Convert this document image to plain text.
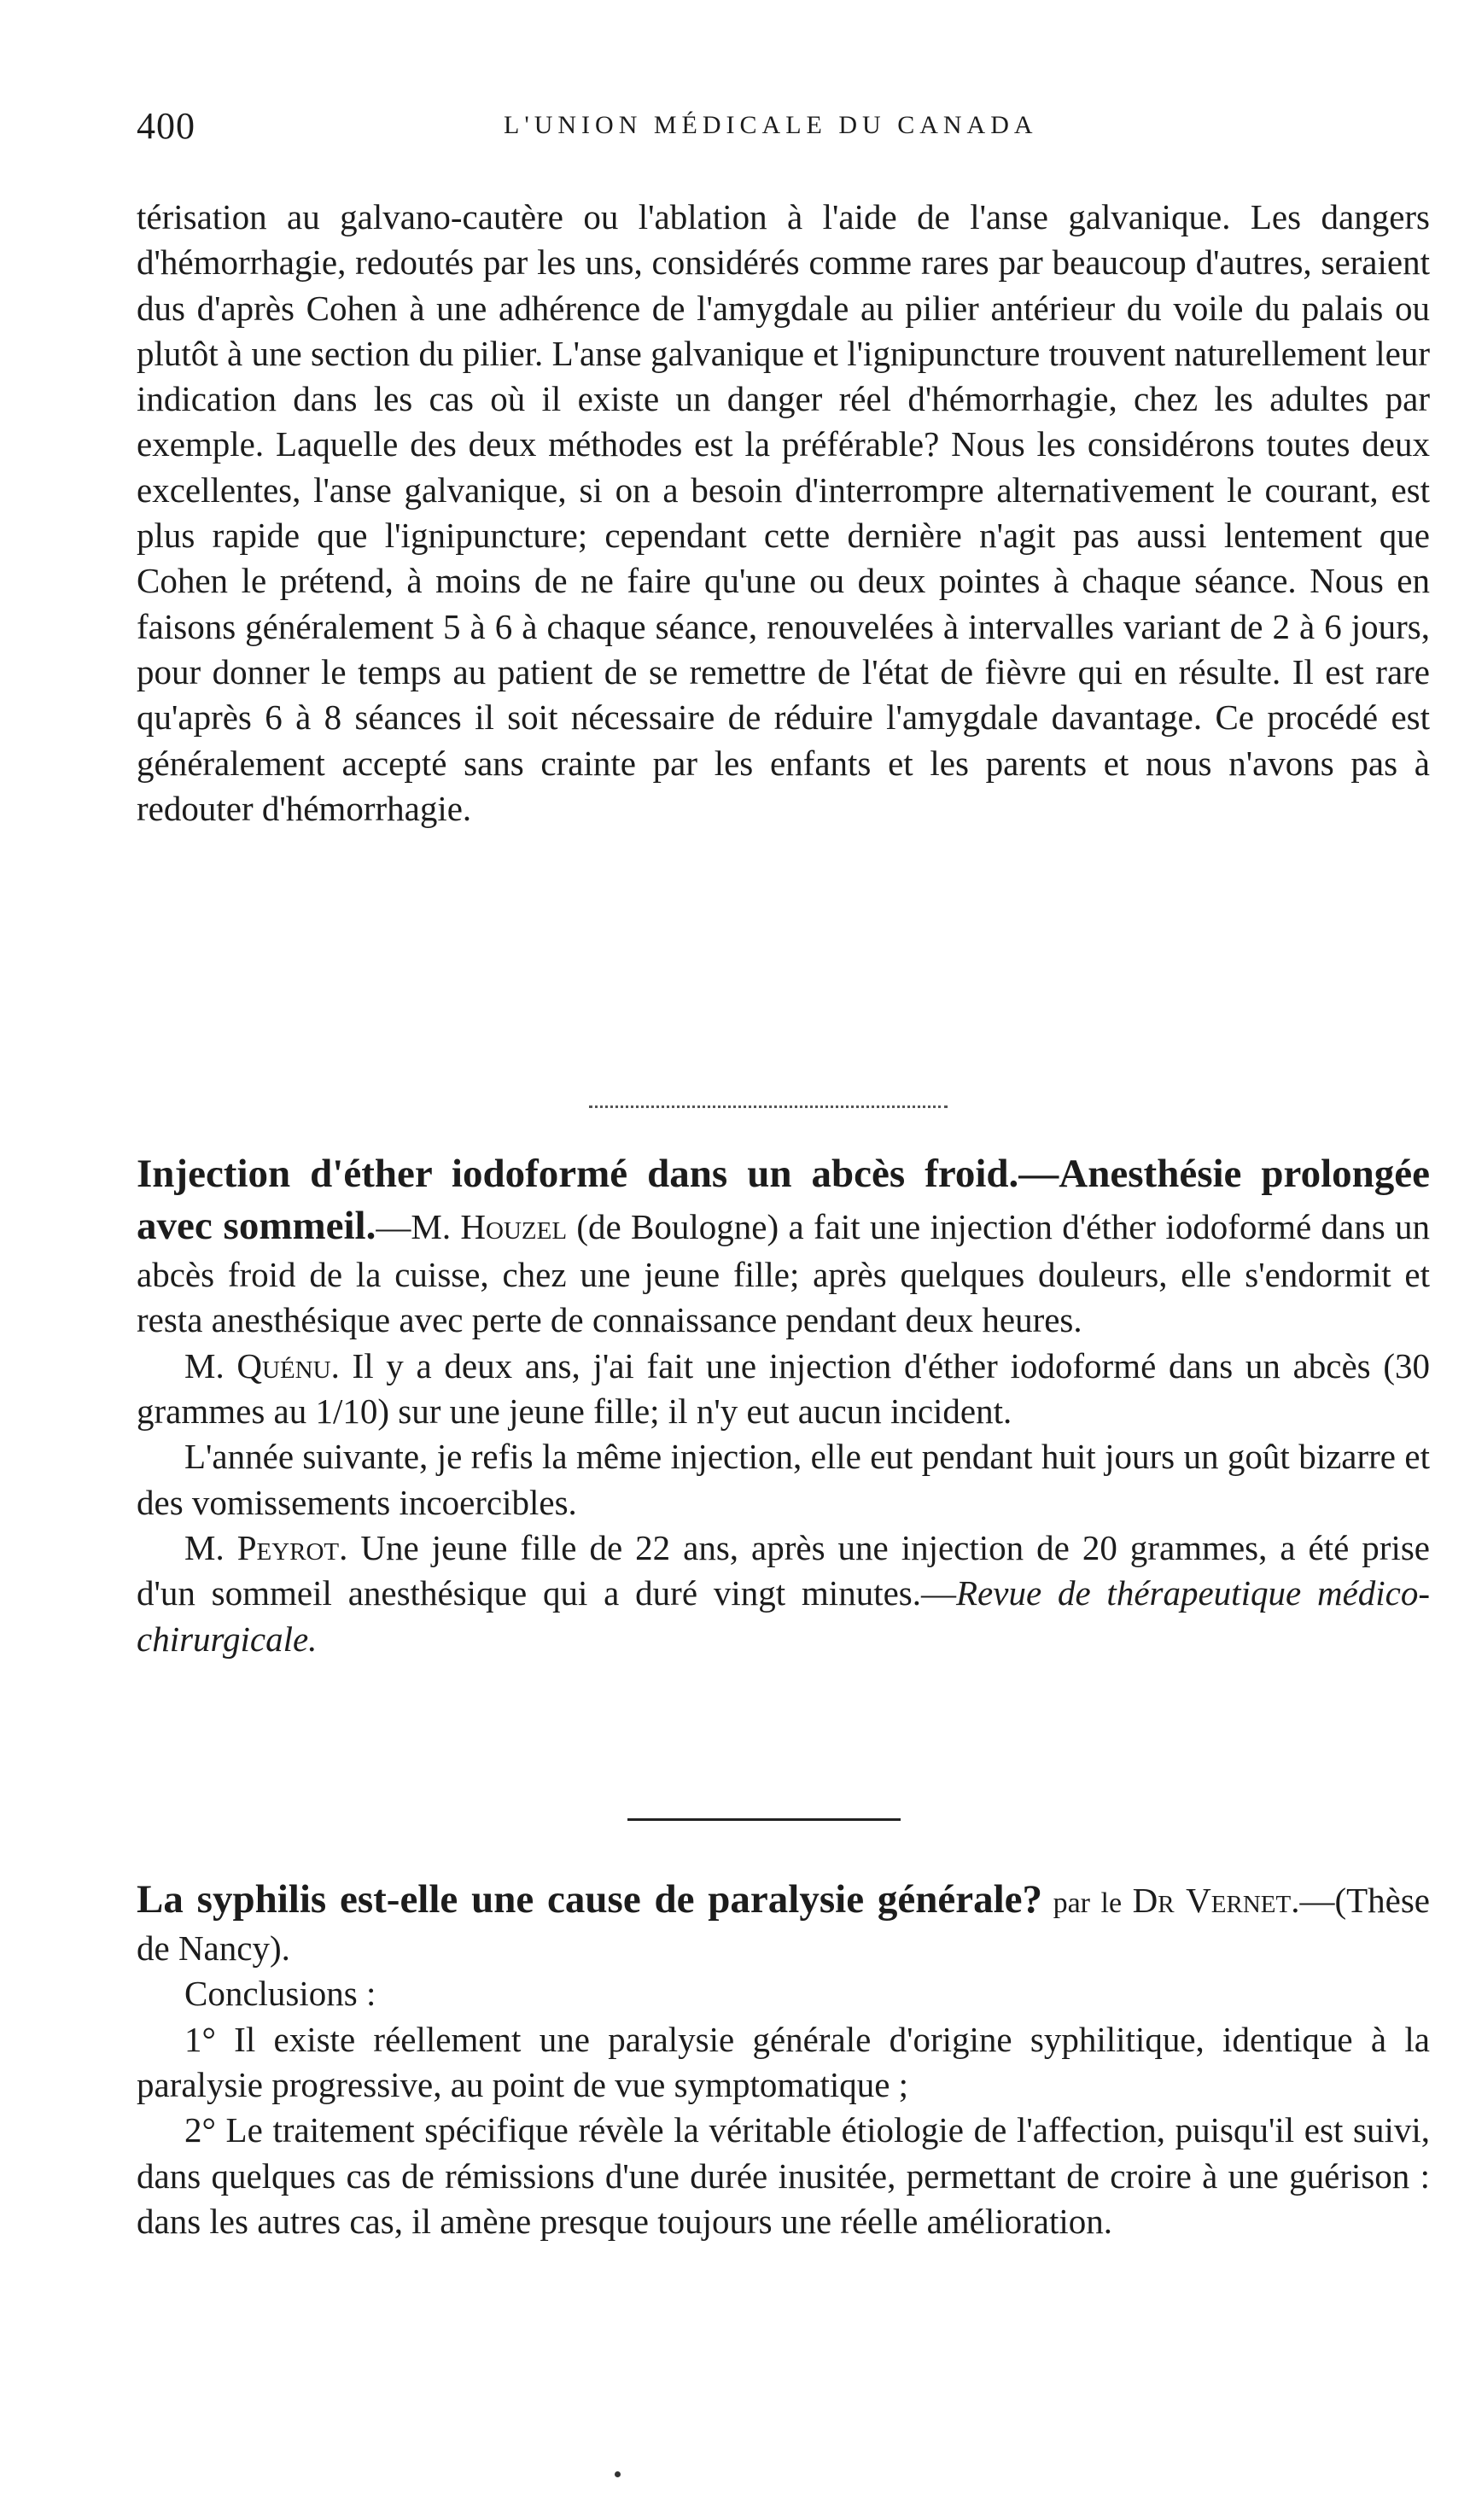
400	L'UNION MÉDICALE DU CANADA

térisation au galvano-cautère ou l'ablation à l'aide de l'anse galvanique. Les dangers d'hémorrhagie, redoutés par les uns, considérés comme rares par beaucoup d'autres, seraient dus d'après Cohen à une adhérence de l'amygdale au pilier antérieur du voile du palais ou plutôt à une section du pilier. L'anse galvanique et l'ignipuncture trouvent naturellement leur indication dans les cas où il existe un danger réel d'hémorrhagie, chez les adultes par exemple. Laquelle des deux méthodes est la préférable? Nous les considérons toutes deux excellentes, l'anse galvanique, si on a besoin d'interrompre alternativement le courant, est plus rapide que l'ignipuncture; cependant cette dernière n'agit pas aussi lentement que Cohen le prétend, à moins de ne faire qu'une ou deux pointes à chaque séance. Nous en faisons généralement 5 à 6 à chaque séance, renouvelées à intervalles variant de 2 à 6 jours, pour donner le temps au patient de se remettre de l'état de fièvre qui en résulte. Il est rare qu'après 6 à 8 séances il soit nécessaire de réduire l'amygdale davantage. Ce procédé est généralement accepté sans crainte par les enfants et les parents et nous n'avons pas à redouter d'hémorrhagie.

Injection d'éther iodoformé dans un abcès froid.—Anesthésie prolongée avec sommeil.—M. Houzel (de Boulogne) a fait une injection d'éther iodoformé dans un abcès froid de la cuisse, chez une jeune fille; après quelques douleurs, elle s'endormit et resta anesthésique avec perte de connaissance pendant deux heures.

M. Quénu. Il y a deux ans, j'ai fait une injection d'éther iodoformé dans un abcès (30 grammes au 1/10) sur une jeune fille; il n'y eut aucun incident.

L'année suivante, je refis la même injection, elle eut pendant huit jours un goût bizarre et des vomissements incoercibles.

M. Peyrot. Une jeune fille de 22 ans, après une injection de 20 grammes, a été prise d'un sommeil anesthésique qui a duré vingt minutes.—Revue de thérapeutique médico-chirurgicale.

La syphilis est-elle une cause de paralysie générale? par le Dr Vernet.—(Thèse de Nancy).

Conclusions :

1° Il existe réellement une paralysie générale d'origine syphilitique, identique à la paralysie progressive, au point de vue symptomatique ;

2° Le traitement spécifique révèle la véritable étiologie de l'affection, puisqu'il est suivi, dans quelques cas de rémissions d'une durée inusitée, permettant de croire à une guérison : dans les autres cas, il amène presque toujours une réelle amélioration.
